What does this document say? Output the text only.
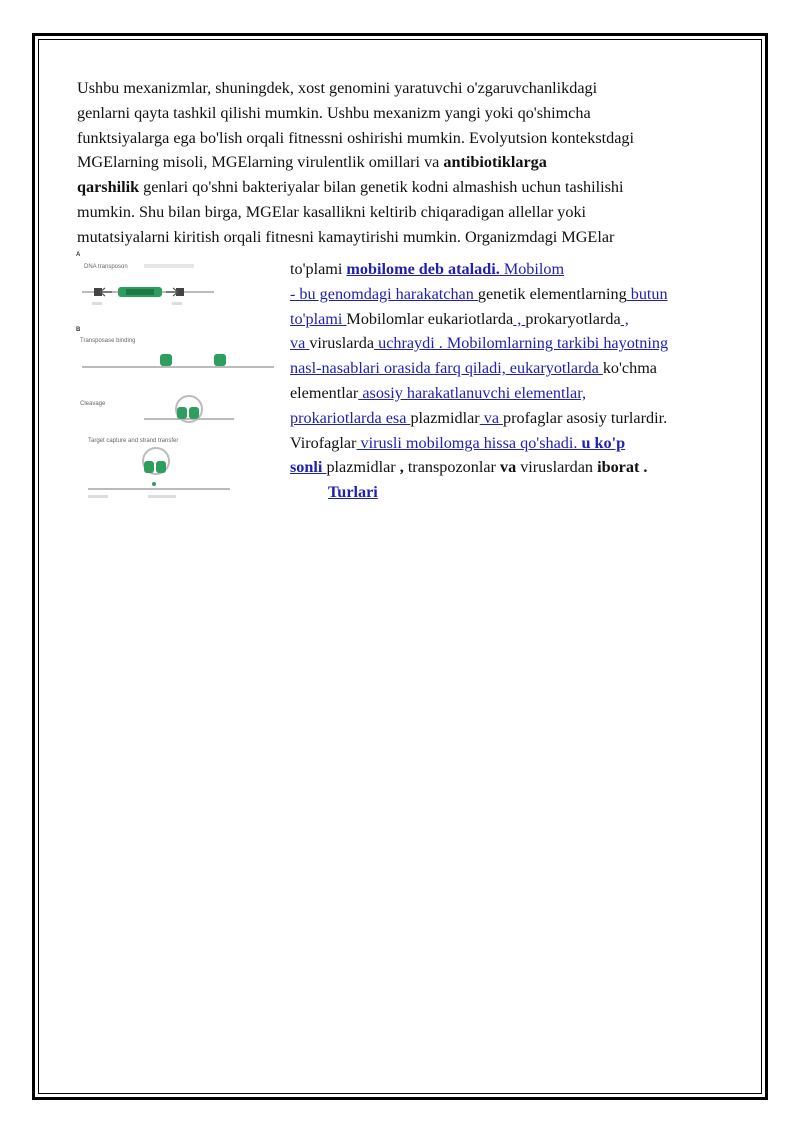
Ushbu mexanizmlar, shuningdek, xost genomini yaratuvchi o'zgaruvchanlikdagi
genlarni qayta tashkil qilishi mumkin. Ushbu mexanizm yangi yoki qo'shimcha
funktsiyalarga ega bo'lish orqali fitnessni oshirishi mumkin. Evolyutsion kontekstdagi
MGElarning misoli, MGElarning virulentlik omillari va antibiotiklarga
qarshilik genlari qo'shni bakteriyalar bilan genetik kodni almashish uchun tashilishi
mumkin. Shu bilan birga, MGElar kasallikni keltirib chiqaradigan allellar yoki
mutatsiyalarni kiritish orqali fitnesni kamaytirishi mumkin. Organizmdagi MGElar
A
DNA transposon
B
Transposase binding
Cleavage
Target capture and strand transfer
to'plami mobilome deb ataladi. Mobilom
- bu genomdagi harakatchan genetik elementlarning butun
to'plami Mobilomlar eukariotlarda , prokaryotlarda ,
va viruslarda uchraydi . Mobilomlarning tarkibi hayotning
nasl-nasablari orasida farq qiladi, eukaryotlarda ko'chma
elementlar asosiy harakatlanuvchi elementlar,
prokariotlarda esa plazmidlar va profaglar asosiy turlardir.
Virofaglar virusli mobilomga hissa qo'shadi. u ko'p
sonli plazmidlar , transpozonlar va viruslardan iborat .
Turlari
